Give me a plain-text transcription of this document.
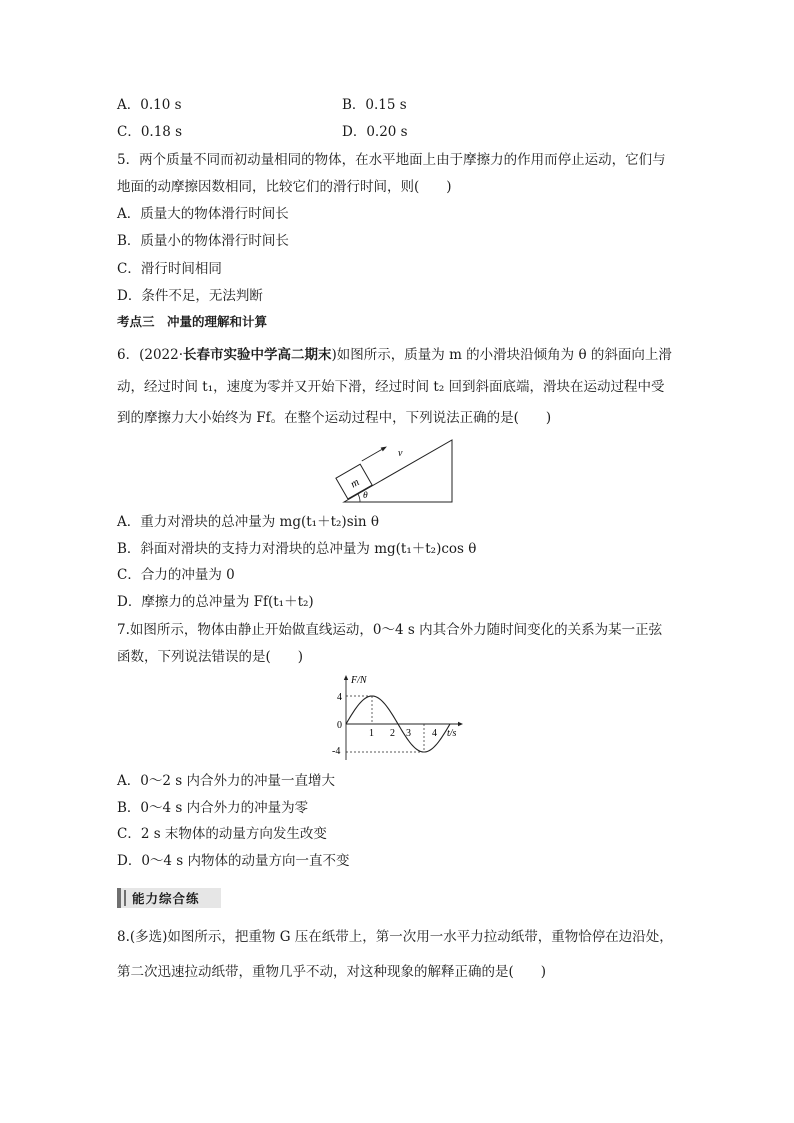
A．0.10 s	B．0.15 s
C．0.18 s	D．0.20 s
5．两个质量不同而初动量相同的物体，在水平地面上由于摩擦力的作用而停止运动，它们与
地面的动摩擦因数相同，比较它们的滑行时间，则(　　)
A．质量大的物体滑行时间长
B．质量小的物体滑行时间长
C．滑行时间相同
D．条件不足，无法判断
考点三　冲量的理解和计算
6．(2022·长春市实验中学高二期末)如图所示，质量为 m 的小滑块沿倾角为 θ 的斜面向上滑
动，经过时间 t₁，速度为零并又开始下滑，经过时间 t₂ 回到斜面底端，滑块在运动过程中受
到的摩擦力大小始终为 Ff。在整个运动过程中，下列说法正确的是(　　)
m
v
θ
A．重力对滑块的总冲量为 mg(t₁＋t₂)sin θ
B．斜面对滑块的支持力对滑块的总冲量为 mg(t₁＋t₂)cos θ
C．合力的冲量为 0
D．摩擦力的总冲量为 Ff(t₁＋t₂)
7.如图所示，物体由静止开始做直线运动，0～4 s 内其合外力随时间变化的关系为某一正弦
函数，下列说法错误的是(　　)
F/N
t/s
0
4
-4
1 2 3 4
A．0～2 s 内合外力的冲量一直增大
B．0～4 s 内合外力的冲量为零
C．2 s 末物体的动量方向发生改变
D．0～4 s 内物体的动量方向一直不变
能力综合练
8.(多选)如图所示，把重物 G 压在纸带上，第一次用一水平力拉动纸带，重物恰停在边沿处，
第二次迅速拉动纸带，重物几乎不动，对这种现象的解释正确的是(　　)
